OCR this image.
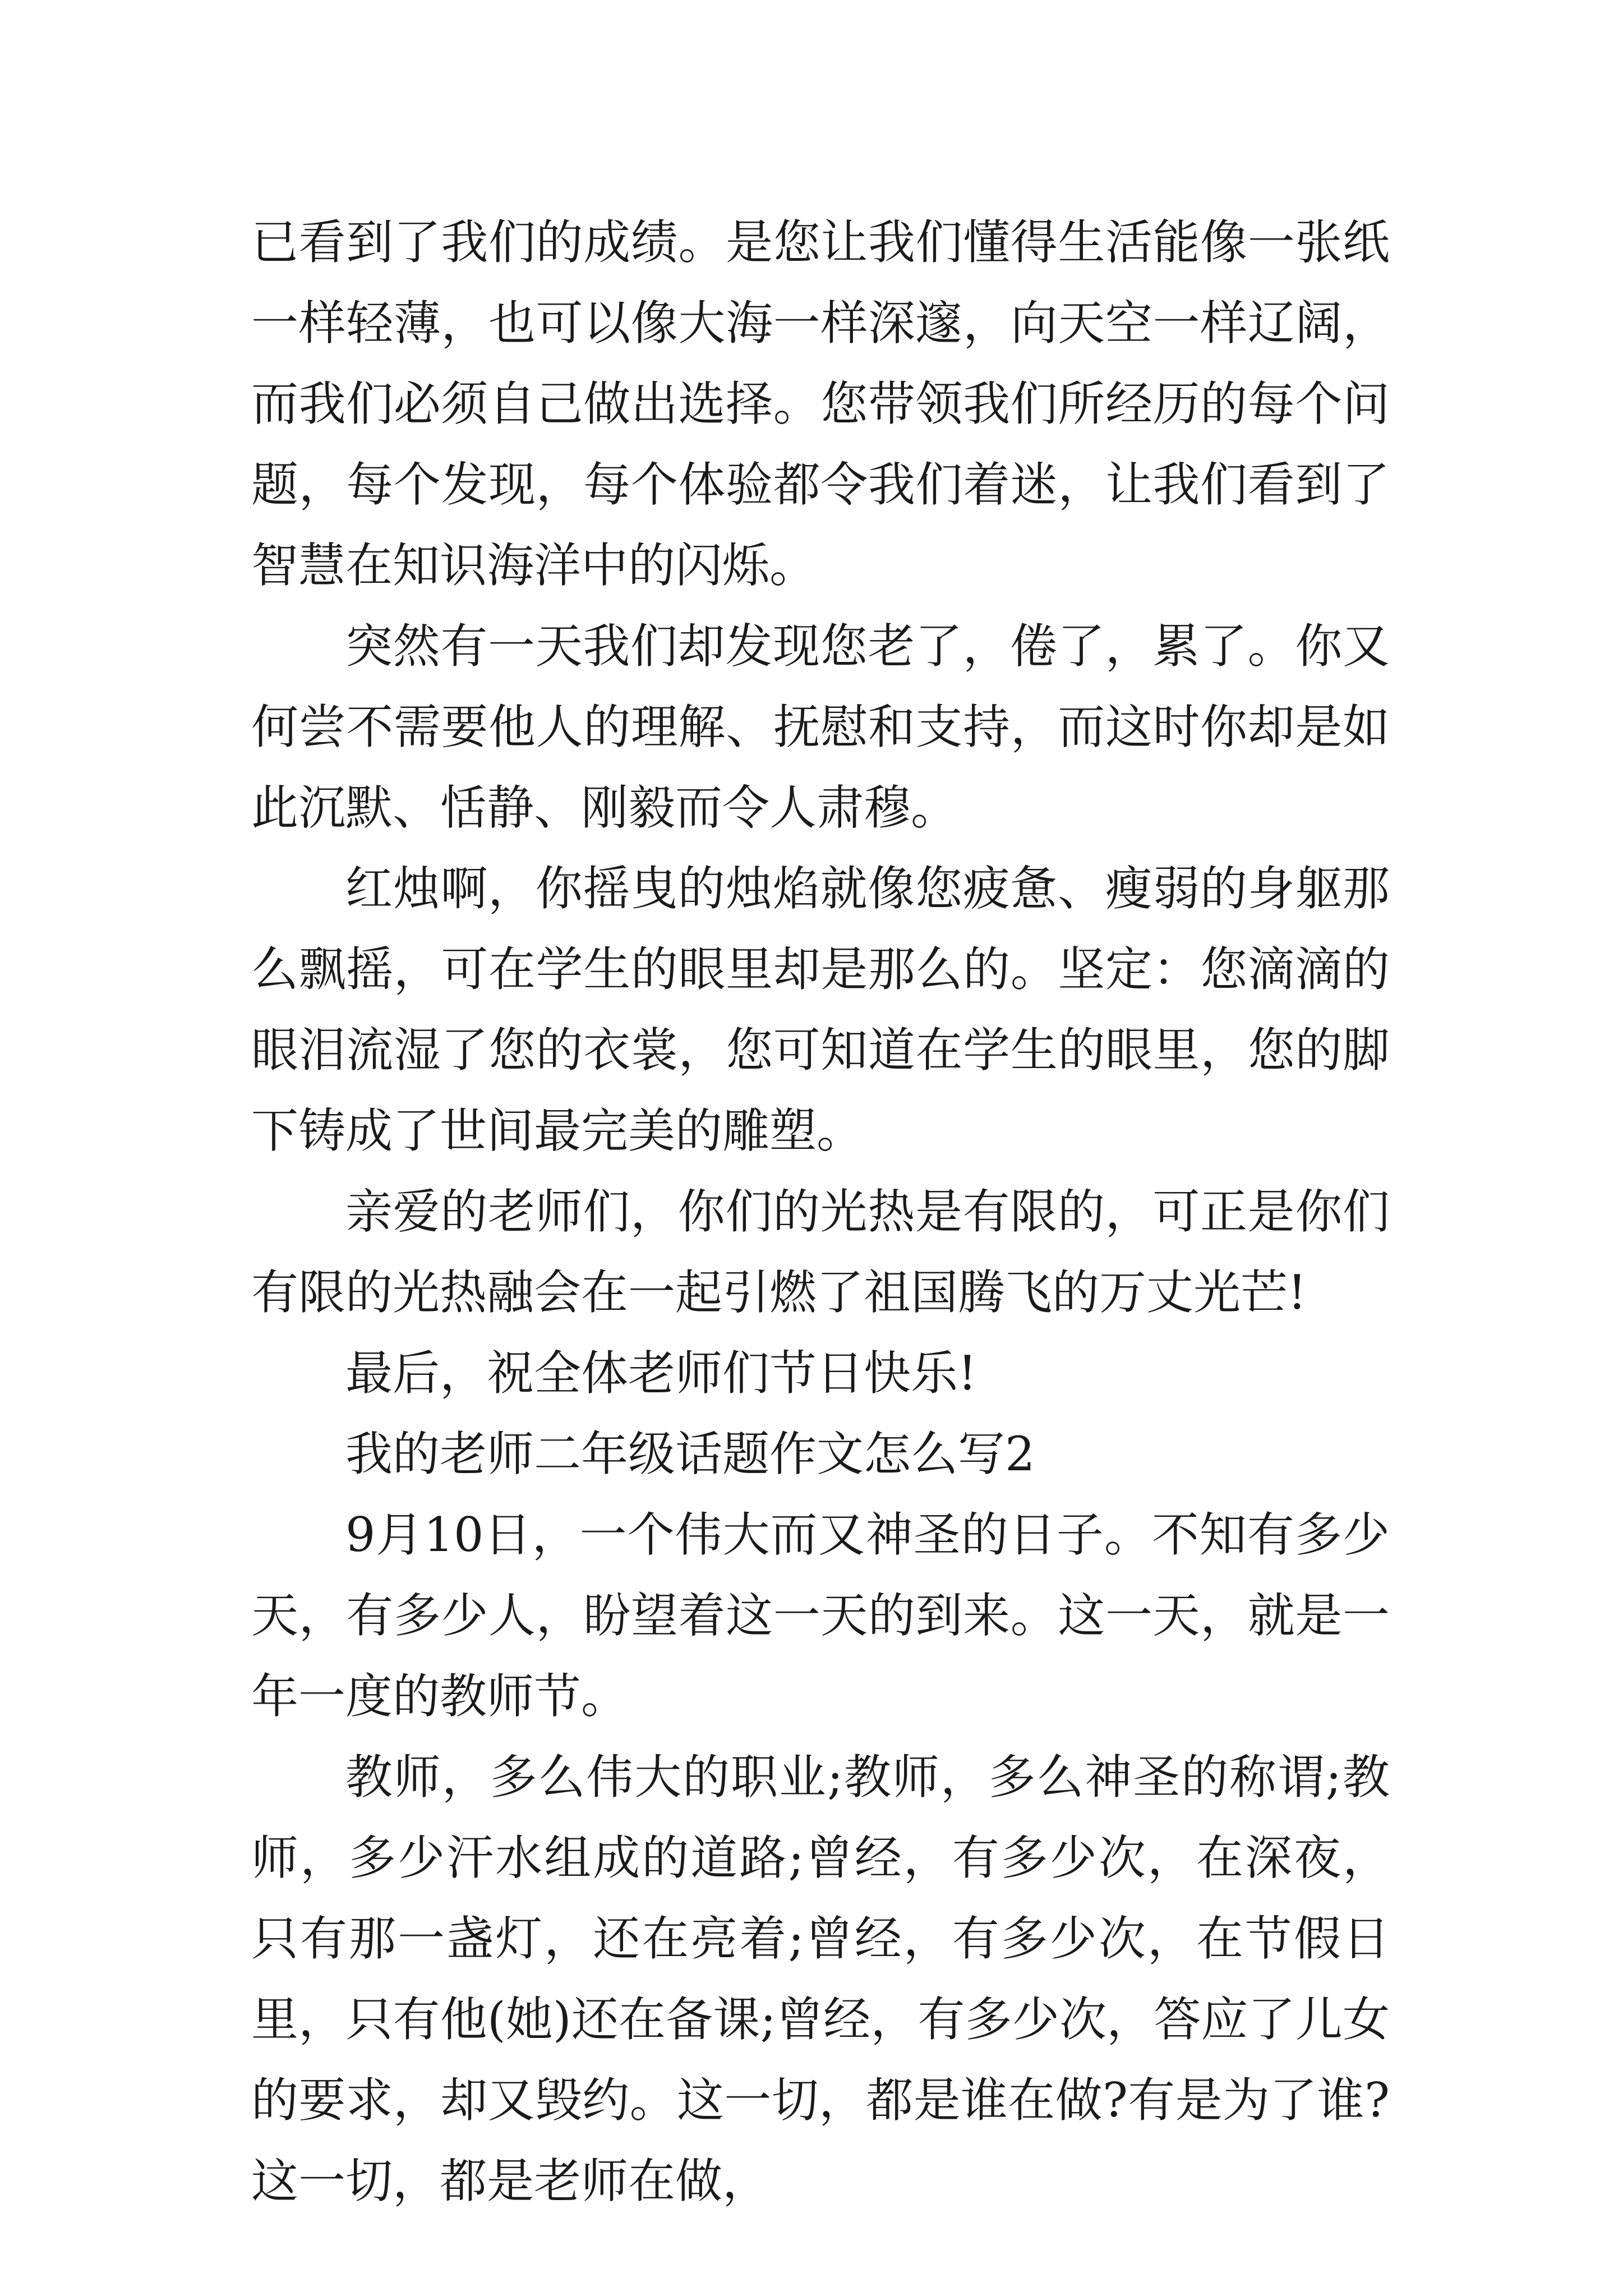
已看到了我们的成绩。是您让我们懂得生活能像一张纸一样轻薄，也可以像大海一样深邃，向天空一样辽阔，而我们必须自己做出选择。您带领我们所经历的每个问题，每个发现，每个体验都令我们着迷，让我们看到了智慧在知识海洋中的闪烁。

突然有一天我们却发现您老了，倦了，累了。你又何尝不需要他人的理解、抚慰和支持，而这时你却是如此沉默、恬静、刚毅而令人肃穆。

红烛啊，你摇曳的烛焰就像您疲惫、瘦弱的身躯那么飘摇，可在学生的眼里却是那么的。坚定：您滴滴的眼泪流湿了您的衣裳，您可知道在学生的眼里，您的脚下铸成了世间最完美的雕塑。

亲爱的老师们，你们的光热是有限的，可正是你们有限的光热融会在一起引燃了祖国腾飞的万丈光芒!

最后，祝全体老师们节日快乐!

我的老师二年级话题作文怎么写2

9月10日，一个伟大而又神圣的日子。不知有多少天，有多少人，盼望着这一天的到来。这一天，就是一年一度的教师节。

教师，多么伟大的职业;教师，多么神圣的称谓;教师，多少汗水组成的道路;曾经，有多少次，在深夜，只有那一盏灯，还在亮着;曾经，有多少次，在节假日里，只有他(她)还在备课;曾经，有多少次，答应了儿女的要求，却又毁约。这一切，都是谁在做?有是为了谁?这一切，都是老师在做，
